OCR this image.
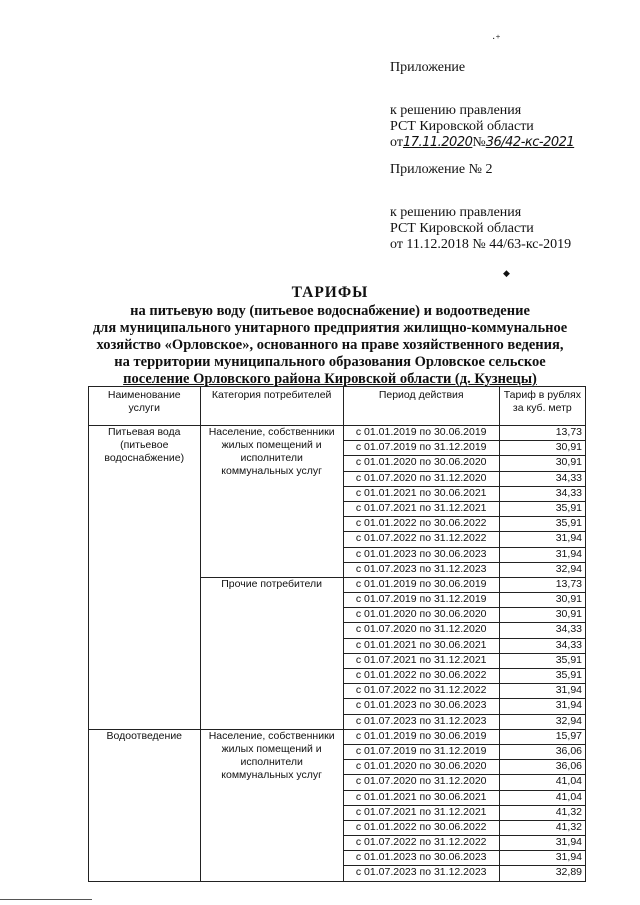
·⁺
Приложение
к решению правления
РСТ Кировской области
от17.11.2020№36/42-кс-2021
Приложение № 2
к решению правления
РСТ Кировской области
от 11.12.2018 № 44/63-кс-2019
◆
ТАРИФЫ
на питьевую воду (питьевое водоснабжение) и водоотведение
для муниципального унитарного предприятия жилищно-коммунальное
хозяйство «Орловское», основанного на праве хозяйственного ведения,
на территории муниципального образования Орловское сельское
поселение Орловского района Кировской области (д. Кузнецы)
Наименование услуги	Категория потребителей	Период действия	Тариф в рублях за куб. метр
Питьевая вода (питьевое водоснабжение)	Население, собственники жилых помещений и исполнители коммунальных услуг	с 01.01.2019 по 30.06.2019	13,73
		с 01.07.2019 по 31.12.2019	30,91
		с 01.01.2020 по 30.06.2020	30,91
		с 01.07.2020 по 31.12.2020	34,33
		с 01.01.2021 по 30.06.2021	34,33
		с 01.07.2021 по 31.12.2021	35,91
		с 01.01.2022 по 30.06.2022	35,91
		с 01.07.2022 по 31.12.2022	31,94
		с 01.01.2023 по 30.06.2023	31,94
		с 01.07.2023 по 31.12.2023	32,94
	Прочие потребители	с 01.01.2019 по 30.06.2019	13,73
		с 01.07.2019 по 31.12.2019	30,91
		с 01.01.2020 по 30.06.2020	30,91
		с 01.07.2020 по 31.12.2020	34,33
		с 01.01.2021 по 30.06.2021	34,33
		с 01.07.2021 по 31.12.2021	35,91
		с 01.01.2022 по 30.06.2022	35,91
		с 01.07.2022 по 31.12.2022	31,94
		с 01.01.2023 по 30.06.2023	31,94
		с 01.07.2023 по 31.12.2023	32,94
Водоотведение	Население, собственники жилых помещений и исполнители коммунальных услуг	с 01.01.2019 по 30.06.2019	15,97
		с 01.07.2019 по 31.12.2019	36,06
		с 01.01.2020 по 30.06.2020	36,06
		с 01.07.2020 по 31.12.2020	41,04
		с 01.01.2021 по 30.06.2021	41,04
		с 01.07.2021 по 31.12.2021	41,32
		с 01.01.2022 по 30.06.2022	41,32
		с 01.07.2022 по 31.12.2022	31,94
		с 01.01.2023 по 30.06.2023	31,94
		с 01.07.2023 по 31.12.2023	32,89
